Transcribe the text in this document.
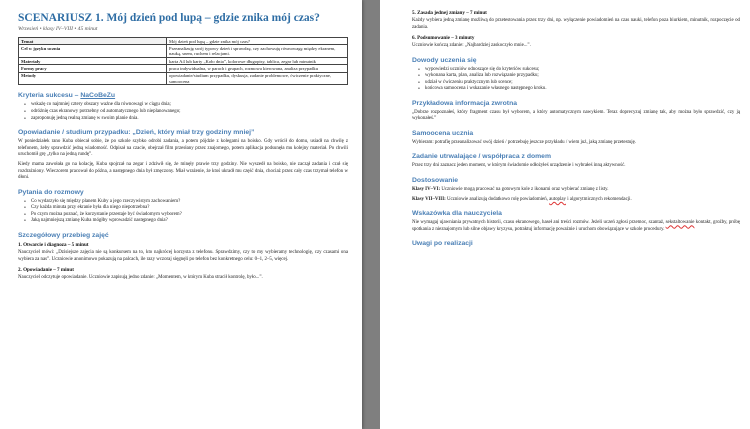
SCENARIUSZ 1. Mój dzień pod lupą – gdzie znika mój czas?
Wrzesień • klasy IV–VIII • 45 minut
Temat	Mój dzień pod lupą – gdzie znika mój czas?
Cel w języku ucznia	Przeanalizuję swój typowy dzień i sprawdzę, czy zachowuję równowagę między ekranem, nauką, snem, ruchem i relacjami.
Materiały	karta A4 lub karty „Koło dnia”, kolorowe długopisy, tablica, zegar lub minutnik
Formy pracy	praca indywidualna, w parach i grupach, rozmowa kierowana, analiza przypadku
Metody	opowiadanie/studium przypadku, dyskusja, zadanie problemowe, ćwiczenie praktyczne, samoocena
Kryteria sukcesu – NaCoBeZu
• wskażę co najmniej cztery obszary ważne dla równowagi w ciągu dnia;
• odróżnię czas ekranowy potrzebny od automatycznego lub nieplanowanego;
• zaproponuję jedną realną zmianę w swoim planie dnia.
Opowiadanie / studium przypadku: „Dzień, który miał trzy godziny mniej”
W poniedziałek rano Kuba obiecał sobie, że po szkole szybko odrobi zadania, a potem pójdzie z kolegami na boisko. Gdy wrócił do domu, usiadł na chwilę z telefonem, żeby sprawdzić jedną wiadomość. Odpisał na czacie, obejrzał film przesłany przez znajomego, potem aplikacja podsunęła mu kolejny materiał. Po chwili uruchomił grę „tylko na jedną rundę”.
Kiedy mama zawołała go na kolację, Kuba spojrzał na zegar i zdziwił się, że minęły prawie trzy godziny. Nie wyszedł na boisko, nie zaczął zadania i czuł się rozdrażniony. Wieczorem pracował do późna, a następnego dnia był zmęczony. Miał wrażenie, że ktoś ukradł mu część dnia, chociaż przez cały czas trzymał telefon w dłoni.
Pytania do rozmowy
• Co wydarzyło się między planem Kuby a jego rzeczywistym zachowaniem?
• Czy każda minuta przy ekranie była dla niego niepotrzebna?
• Po czym można poznać, że korzystanie przestaje być świadomym wyborem?
• Jaką najmniejszą zmianę Kuba mógłby wprowadzić następnego dnia?
Szczegółowy przebieg zajęć
1. Otwarcie i diagnoza – 5 minut
Nauczyciel mówi: „Dzisiejsze zajęcia nie są konkursem na to, kto najkrócej korzysta z telefonu. Sprawdzimy, czy to my wybieramy technologię, czy czasami ona wybiera za nas”. Uczniowie anonimowo pokazują na palcach, ile razy wczoraj sięgnęli po telefon bez konkretnego celu: 0–1, 2–5, więcej.
2. Opowiadanie – 7 minut
Nauczyciel odczytuje opowiadanie. Uczniowie zapisują jedno zdanie: „Momentem, w którym Kuba stracił kontrolę, było...”.
5. Zasada jednej zmiany – 7 minut
Każdy wybiera jedną zmianę możliwą do przetestowania przez trzy dni, np. wyłączenie powiadomień na czas nauki, telefon poza biurkiem, minutnik, rozpoczęcie od zadania.
6. Podsumowanie – 3 minuty
Uczniowie kończą zdanie: „Najbardziej zaskoczyło mnie...”.
Dowody uczenia się
• wypowiedzi uczniów odnoszące się do kryteriów sukcesu;
• wykonana karta, plan, analiza lub rozwiązanie przypadku;
• udział w ćwiczeniu praktycznym lub scence;
• końcowa samoocena i wskazanie własnego następnego kroku.
Przykładowa informacja zwrotna
„Dobrze rozpoznałeś, który fragment czasu był wyborem, a który automatycznym nawykiem. Teraz doprecyzuj zmianę tak, aby można było sprawdzić, czy ją wykonałeś.”
Samoocena ucznia
Wybieram: potrafię przeanalizować swój dzień / potrzebuję jeszcze przykładu / wiem już, jaką zmianę przetestuję.
Zadanie utrwalające / współpraca z domem
Przez trzy dni zaznacz jeden moment, w którym świadomie odłożyłeś urządzenie i wybrałeś inną aktywność.
Dostosowanie
Klasy IV–VI: Uczniowie mogą pracować na gotowym kole z ikonami oraz wybierać zmianę z listy.
Klasy VII–VIII: Uczniowie analizują dodatkowo rolę powiadomień, autoplay i algorytmicznych rekomendacji.
Wskazówka dla nauczyciela
Nie wymagaj ujawniania prywatnych historii, czasu ekranowego, haseł ani treści rozmów. Jeżeli uczeń zgłosi przemoc, szantaż, sekstaltowanie kontakt, groźby, próbę spotkania z nieznajomym lub silne objawy kryzysu, potraktuj informację poważnie i uruchom obowiązujące w szkole procedury.
Uwagi po realizacji
